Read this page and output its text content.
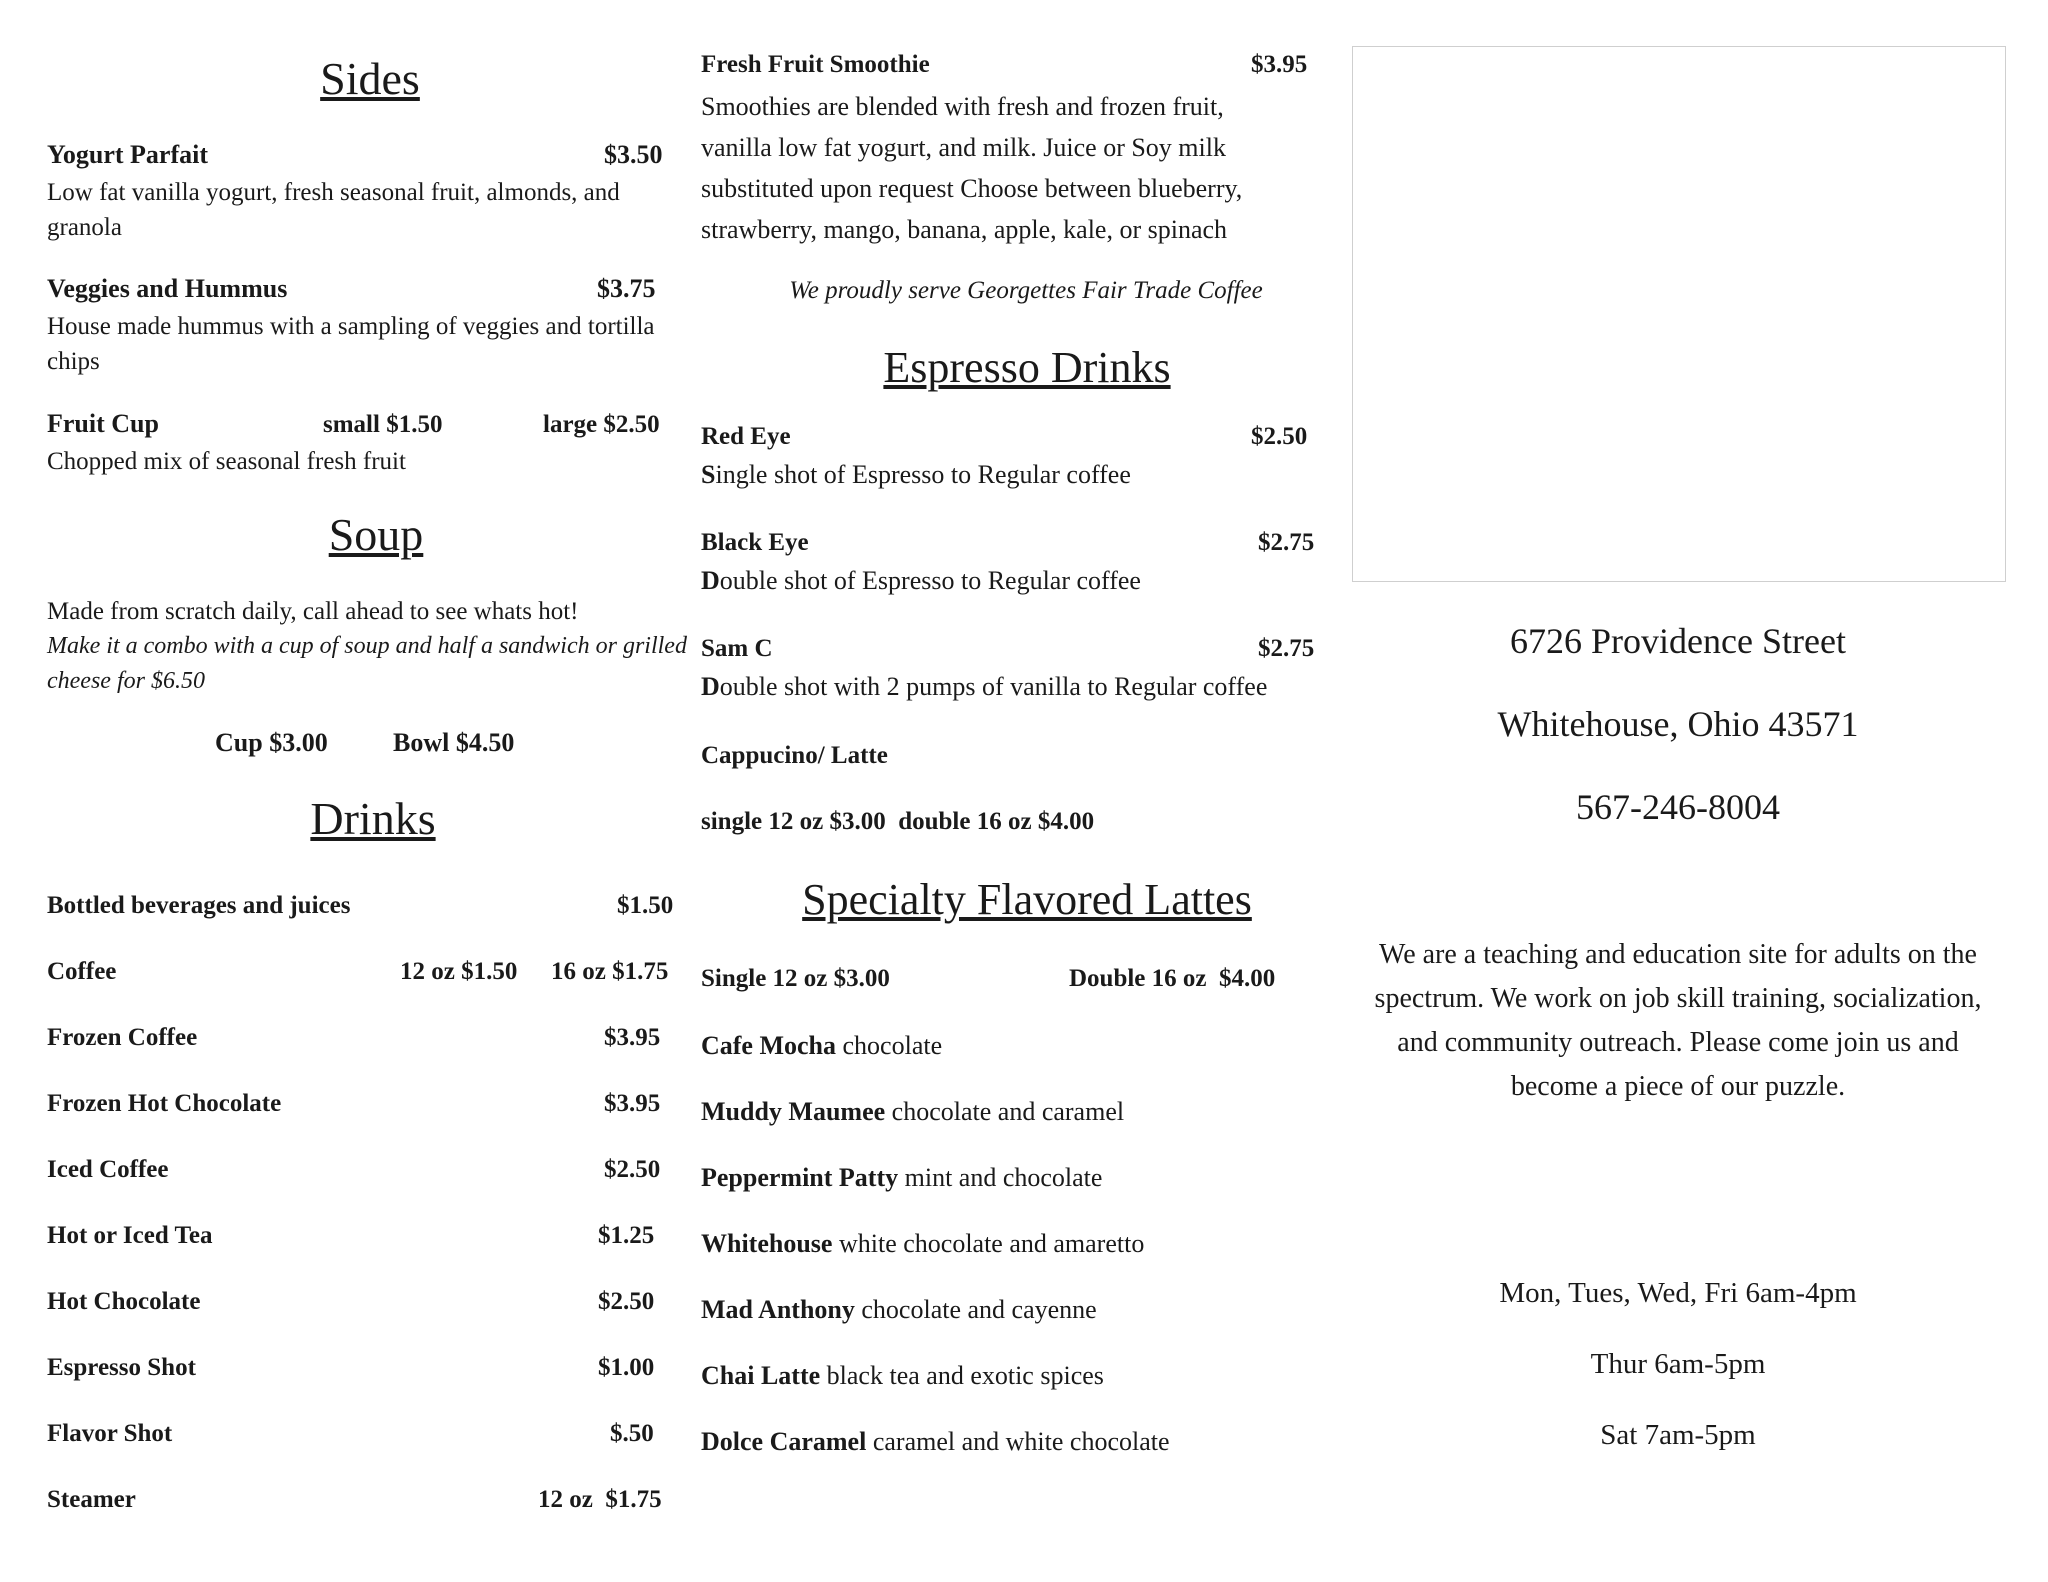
Sides
Yogurt Parfait	$3.50
Low fat vanilla yogurt, fresh seasonal fruit, almonds, and granola
Veggies and Hummus	$3.75
House made hummus with a sampling of veggies and tortilla chips
Fruit Cup	small $1.50	large $2.50
Chopped mix of seasonal fresh fruit
Soup
Made from scratch daily, call ahead to see whats hot!
Make it a combo with a cup of soup and half a sandwich or grilled cheese for $6.50
Cup $3.00	Bowl $4.50
Drinks
Bottled beverages and juices	$1.50
Coffee	12 oz $1.50 16 oz $1.75
Frozen Coffee	$3.95
Frozen Hot Chocolate	$3.95
Iced Coffee	$2.50
Hot or Iced Tea	$1.25
Hot Chocolate	$2.50
Espresso Shot	$1.00
Flavor Shot	$.50
Steamer	12 oz  $1.75
Fresh Fruit Smoothie	$3.95
Smoothies are blended with fresh and frozen fruit,
vanilla low fat yogurt, and milk. Juice or Soy milk
substituted upon request Choose between blueberry,
strawberry, mango, banana, apple, kale, or spinach
We proudly serve Georgettes Fair Trade Coffee
Espresso Drinks
Red Eye	$2.50
Single shot of Espresso to Regular coffee
Black Eye	$2.75
Double shot of Espresso to Regular coffee
Sam C	$2.75
Double shot with 2 pumps of vanilla to Regular coffee
Cappucino/ Latte
single 12 oz $3.00  double 16 oz $4.00
Specialty Flavored Lattes
Single 12 oz $3.00	Double 16 oz  $4.00
Cafe Mocha chocolate
Muddy Maumee chocolate and caramel
Peppermint Patty mint and chocolate
Whitehouse white chocolate and amaretto
Mad Anthony chocolate and cayenne
Chai Latte black tea and exotic spices
Dolce Caramel caramel and white chocolate
6726 Providence Street
Whitehouse, Ohio 43571
567-246-8004
We are a teaching and education site for adults on the spectrum. We work on job skill training, socialization, and community outreach. Please come join us and become a piece of our puzzle.
Mon, Tues, Wed, Fri 6am-4pm
Thur 6am-5pm
Sat 7am-5pm
